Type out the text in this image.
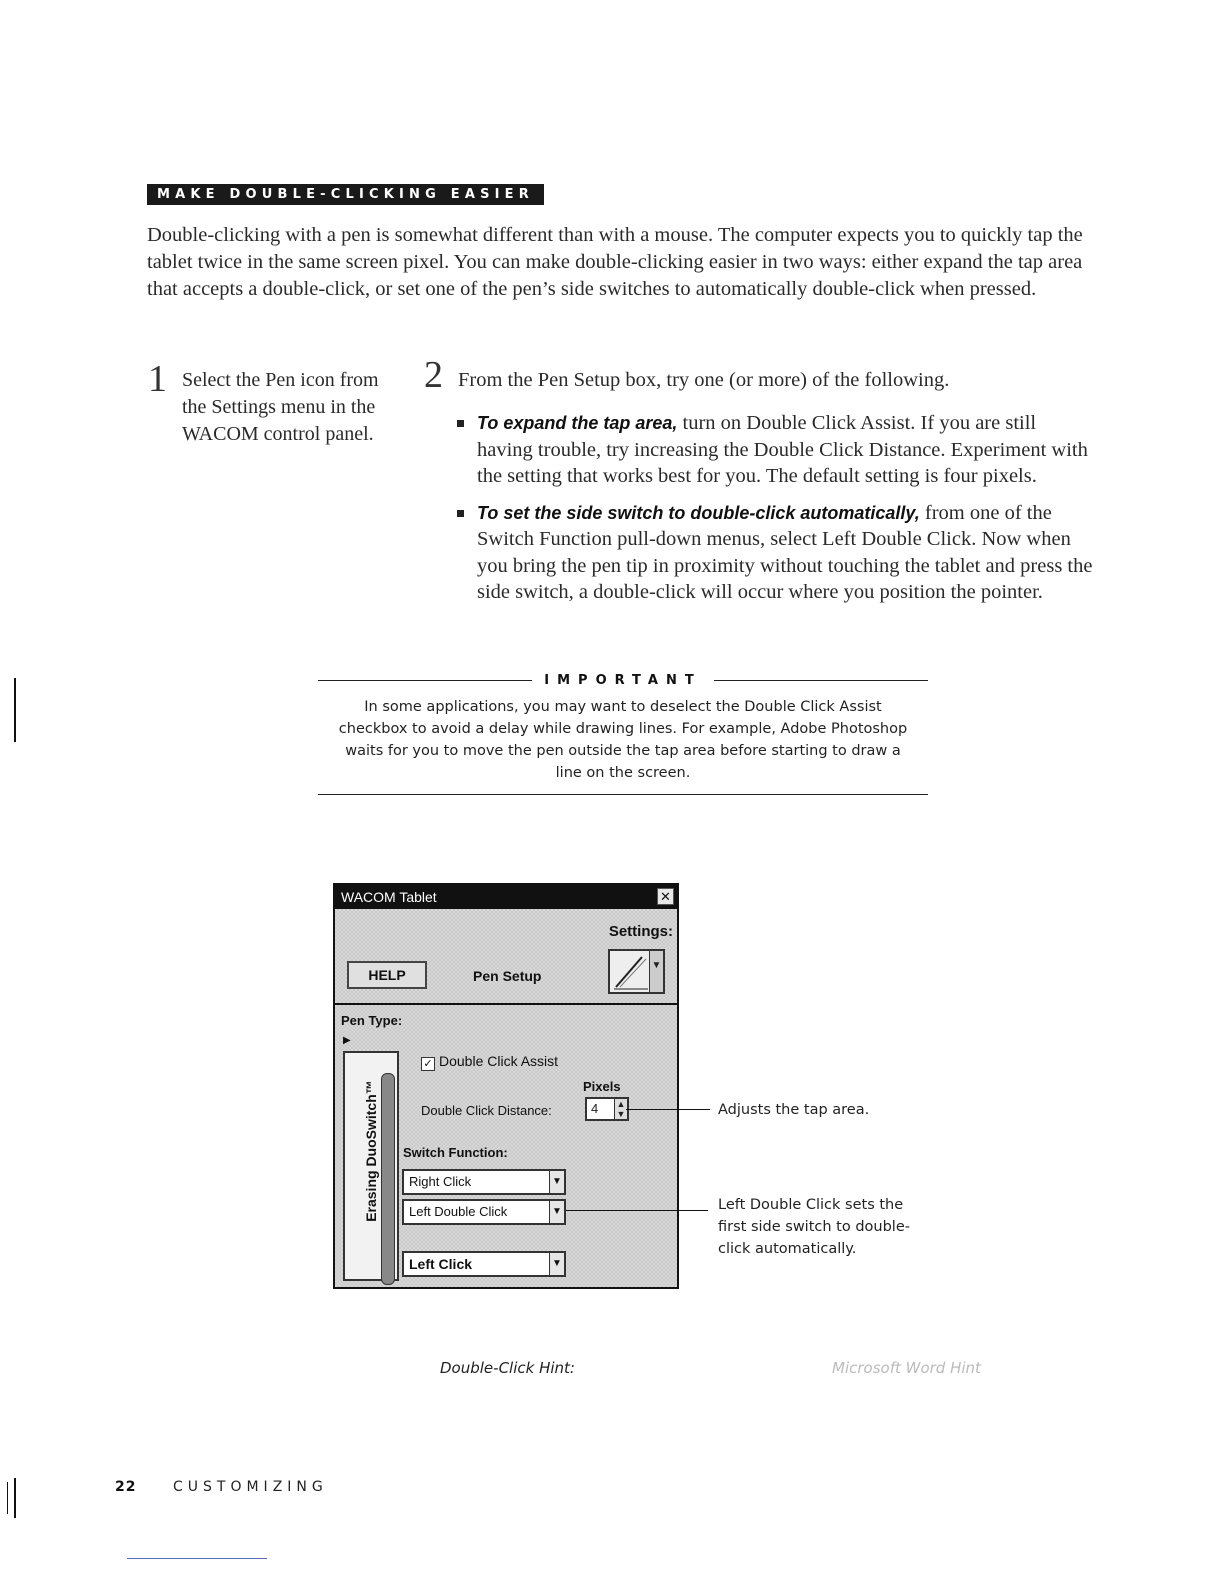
MAKE DOUBLE-CLICKING EASIER

Double-clicking with a pen is somewhat different than with a mouse. The computer expects you to quickly tap the tablet twice in the same screen pixel. You can make double-clicking easier in two ways: either expand the tap area that accepts a double-click, or set one of the pen’s side switches to automatically double-click when pressed.

1 Select the Pen icon from the Settings menu in the WACOM control panel.

2 From the Pen Setup box, try one (or more) of the following.

To expand the tap area, turn on Double Click Assist. If you are still having trouble, try increasing the Double Click Distance. Experiment with the setting that works best for you. The default setting is four pixels.
To set the side switch to double-click automatically, from one of the Switch Function pull-down menus, select Left Double Click. Now when you bring the pen tip in proximity without touching the tablet and press the side switch, a double-click will occur where you position the pointer.
IMPORTANT

In some applications, you may want to deselect the Double Click Assist checkbox to avoid a delay while drawing lines. For example, Adobe Photoshop waits for you to move the pen outside the tap area before starting to draw a line on the screen.

WACOM Tablet	✕
Settings:
HELP	Pen Setup
▼
Pen Type:
▶
Erasing DuoSwitch™
✓ Double Click Assist
Pixels
Double Click Distance:	4 ▲
▼
Switch Function:
Right Click	▼
Left Double Click	▼
Left Click	▼
Adjusts the tap area.
Left Double Click sets the first side switch to double-click automatically.
Double-Click Hint:	Microsoft Word Hint
22	CUSTOMIZING
